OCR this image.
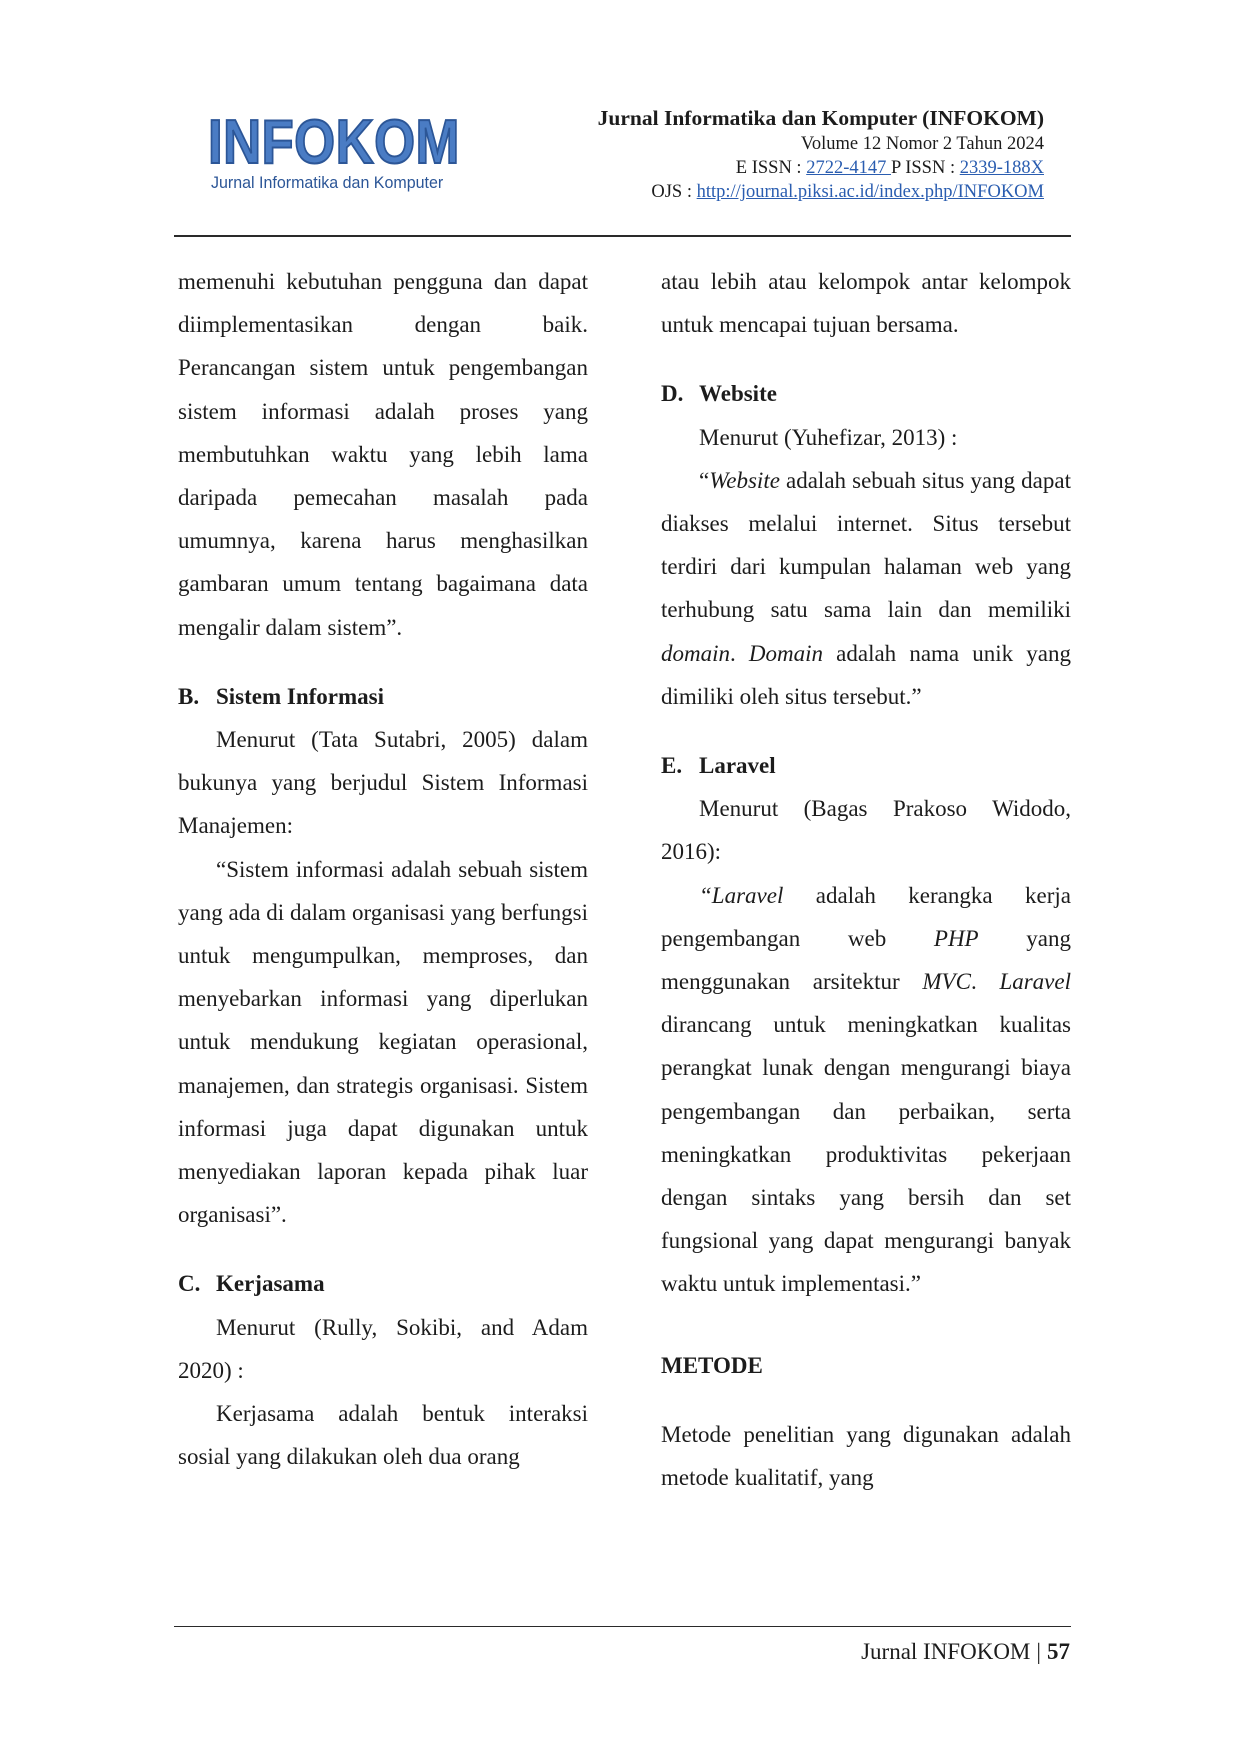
INFOKOM
Jurnal Informatika dan Komputer
Jurnal Informatika dan Komputer (INFOKOM)
Volume 12 Nomor 2 Tahun 2024
E ISSN : 2722-4147 P ISSN : 2339-188X
OJS : http://journal.piksi.ac.id/index.php/INFOKOM

memenuhi kebutuhan pengguna dan dapat diimplementasikan dengan baik. Perancangan sistem untuk pengembangan sistem informasi adalah proses yang membutuhkan waktu yang lebih lama daripada pemecahan masalah pada umumnya, karena harus menghasilkan gambaran umum tentang bagaimana data mengalir dalam sistem”.

B. Sistem Informasi

Menurut (Tata Sutabri, 2005) dalam bukunya yang berjudul Sistem Informasi Manajemen:

“Sistem informasi adalah sebuah sistem yang ada di dalam organisasi yang berfungsi untuk mengumpulkan, memproses, dan menyebarkan informasi yang diperlukan untuk mendukung kegiatan operasional, manajemen, dan strategis organisasi. Sistem informasi juga dapat digunakan untuk menyediakan laporan kepada pihak luar organisasi”.

C. Kerjasama

Menurut (Rully, Sokibi, and Adam 2020) :

Kerjasama adalah bentuk interaksi sosial yang dilakukan oleh dua orang

atau lebih atau kelompok antar kelompok untuk mencapai tujuan bersama.

D. Website

Menurut (Yuhefizar, 2013) :

“Website adalah sebuah situs yang dapat diakses melalui internet. Situs tersebut terdiri dari kumpulan halaman web yang terhubung satu sama lain dan memiliki domain. Domain adalah nama unik yang dimiliki oleh situs tersebut.”

E. Laravel

Menurut (Bagas Prakoso Widodo, 2016):

“Laravel adalah kerangka kerja pengembangan web PHP yang menggunakan arsitektur MVC. Laravel dirancang untuk meningkatkan kualitas perangkat lunak dengan mengurangi biaya pengembangan dan perbaikan, serta meningkatkan produktivitas pekerjaan dengan sintaks yang bersih dan set fungsional yang dapat mengurangi banyak waktu untuk implementasi.”

METODE

Metode penelitian yang digunakan adalah metode kualitatif, yang

Jurnal INFOKOM | 57
